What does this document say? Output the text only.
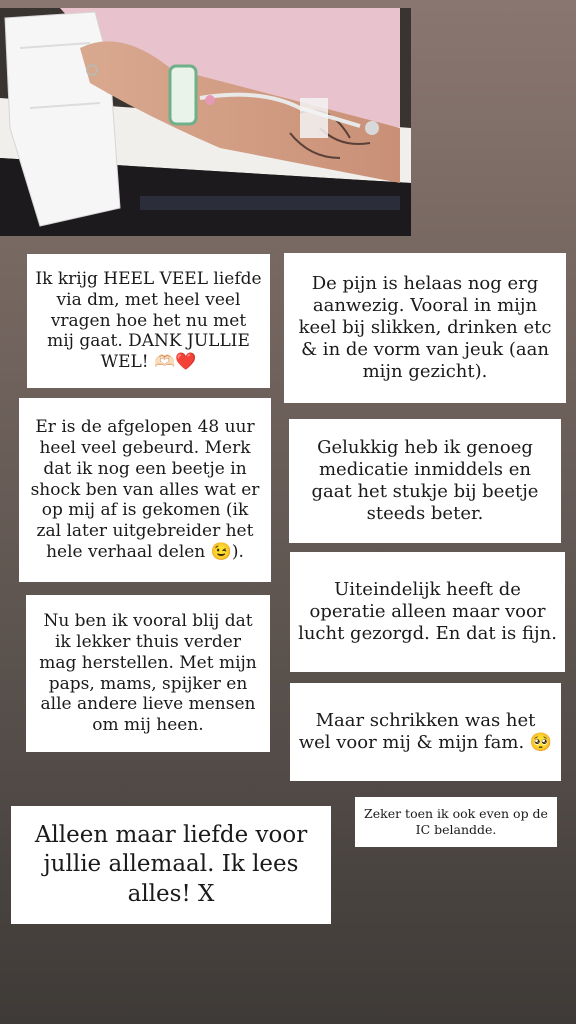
Ik krijg HEEL VEEL liefde via dm, met heel veel vragen hoe het nu met mij gaat. DANK JULLIE WEL! 🫶🏻❤️
De pijn is helaas nog erg aanwezig. Vooral in mijn keel bij slikken, drinken etc & in de vorm van jeuk (aan mijn gezicht).
Er is de afgelopen 48 uur heel veel gebeurd. Merk dat ik nog een beetje in shock ben van alles wat er op mij af is gekomen (ik zal later uitgebreider het hele verhaal delen 😉).
Gelukkig heb ik genoeg medicatie inmiddels en gaat het stukje bij beetje steeds beter.
Uiteindelijk heeft de operatie alleen maar voor lucht gezorgd. En dat is fijn.
Nu ben ik vooral blij dat ik lekker thuis verder mag herstellen. Met mijn paps, mams, spijker en alle andere lieve mensen om mij heen.	Maar schrikken was het wel voor mij & mijn fam. 🥺
Zeker toen ik ook even op de IC belandde.
Alleen maar liefde voor jullie allemaal. Ik lees alles! X
